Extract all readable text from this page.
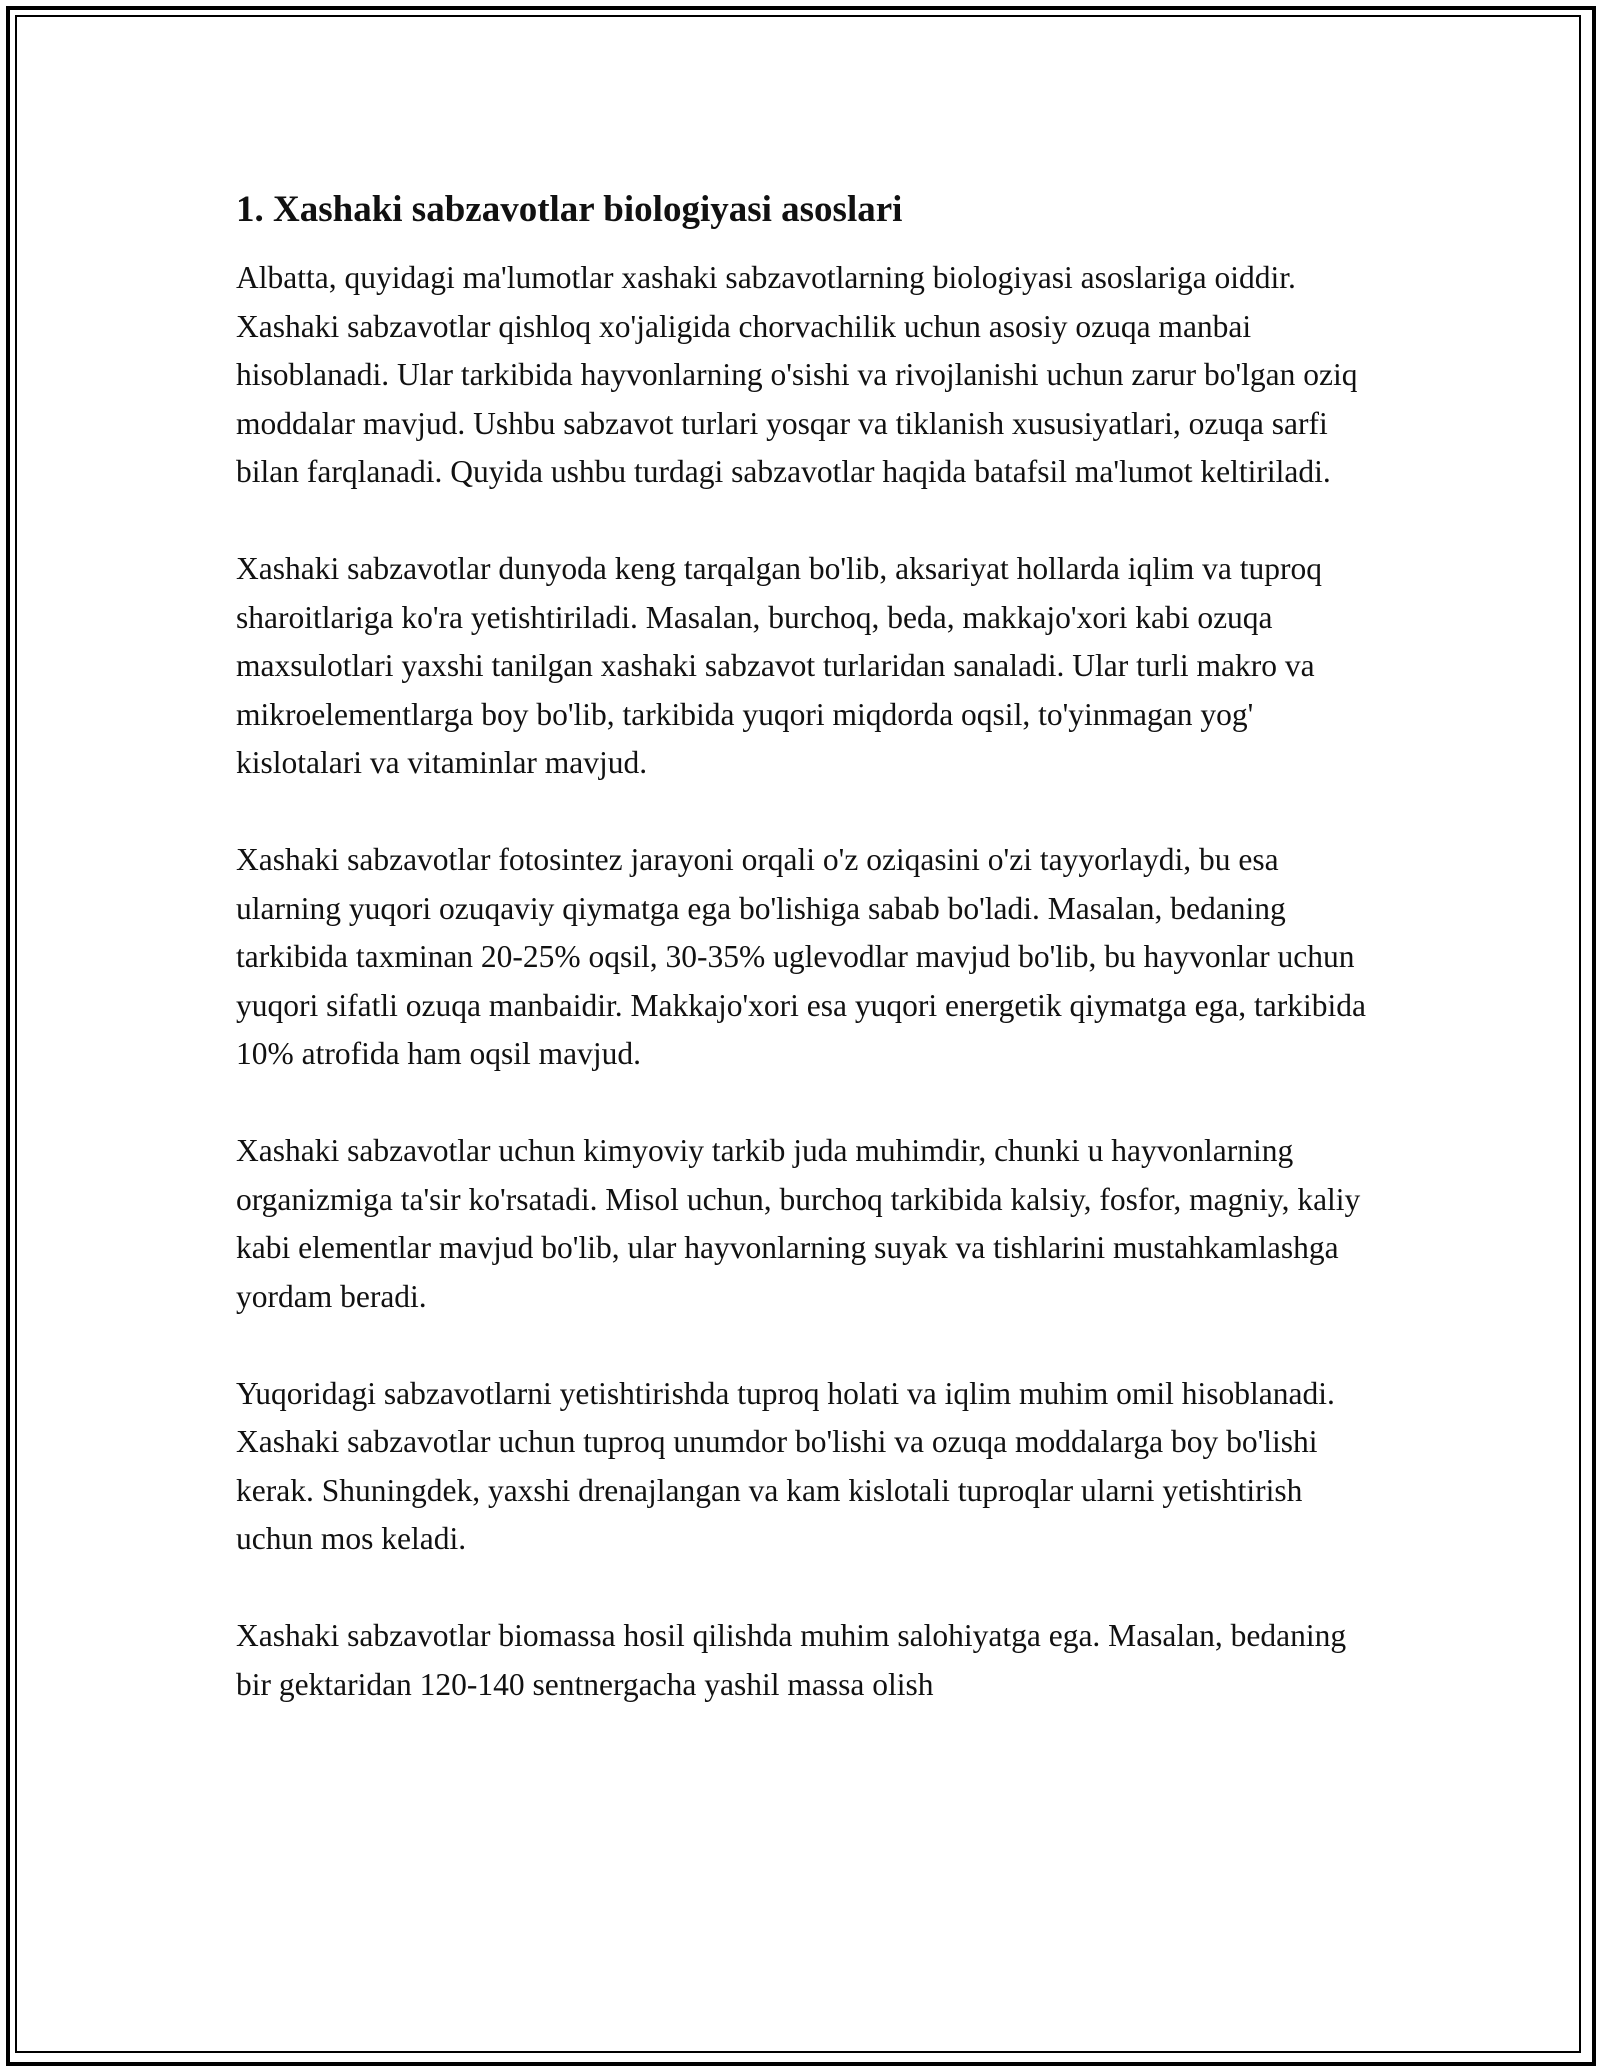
1. Xashaki sabzavotlar biologiyasi asoslari

Albatta, quyidagi ma'lumotlar xashaki sabzavotlarning biologiyasi asoslariga oiddir. Xashaki sabzavotlar qishloq xo'jaligida chorvachilik uchun asosiy ozuqa manbai hisoblanadi. Ular tarkibida hayvonlarning o'sishi va rivojlanishi uchun zarur bo'lgan oziq moddalar mavjud. Ushbu sabzavot turlari yosqar va tiklanish xususiyatlari, ozuqa sarfi bilan farqlanadi. Quyida ushbu turdagi sabzavotlar haqida batafsil ma'lumot keltiriladi.

Xashaki sabzavotlar dunyoda keng tarqalgan bo'lib, aksariyat hollarda iqlim va tuproq sharoitlariga ko'ra yetishtiriladi. Masalan, burchoq, beda, makkajo'xori kabi ozuqa maxsulotlari yaxshi tanilgan xashaki sabzavot turlaridan sanaladi. Ular turli makro va mikroelementlarga boy bo'lib, tarkibida yuqori miqdorda oqsil, to'yinmagan yog' kislotalari va vitaminlar mavjud.

Xashaki sabzavotlar fotosintez jarayoni orqali o'z oziqasini o'zi tayyorlaydi, bu esa ularning yuqori ozuqaviy qiymatga ega bo'lishiga sabab bo'ladi. Masalan, bedaning tarkibida taxminan 20-25% oqsil, 30-35% uglevodlar mavjud bo'lib, bu hayvonlar uchun yuqori sifatli ozuqa manbaidir. Makkajo'xori esa yuqori energetik qiymatga ega, tarkibida 10% atrofida ham oqsil mavjud.

Xashaki sabzavotlar uchun kimyoviy tarkib juda muhimdir, chunki u hayvonlarning organizmiga ta'sir ko'rsatadi. Misol uchun, burchoq tarkibida kalsiy, fosfor, magniy, kaliy kabi elementlar mavjud bo'lib, ular hayvonlarning suyak va tishlarini mustahkamlashga yordam beradi.

Yuqoridagi sabzavotlarni yetishtirishda tuproq holati va iqlim muhim omil hisoblanadi. Xashaki sabzavotlar uchun tuproq unumdor bo'lishi va ozuqa moddalarga boy bo'lishi kerak. Shuningdek, yaxshi drenajlangan va kam kislotali tuproqlar ularni yetishtirish uchun mos keladi.

Xashaki sabzavotlar biomassa hosil qilishda muhim salohiyatga ega. Masalan, bedaning bir gektaridan 120-140 sentnergacha yashil massa olish
